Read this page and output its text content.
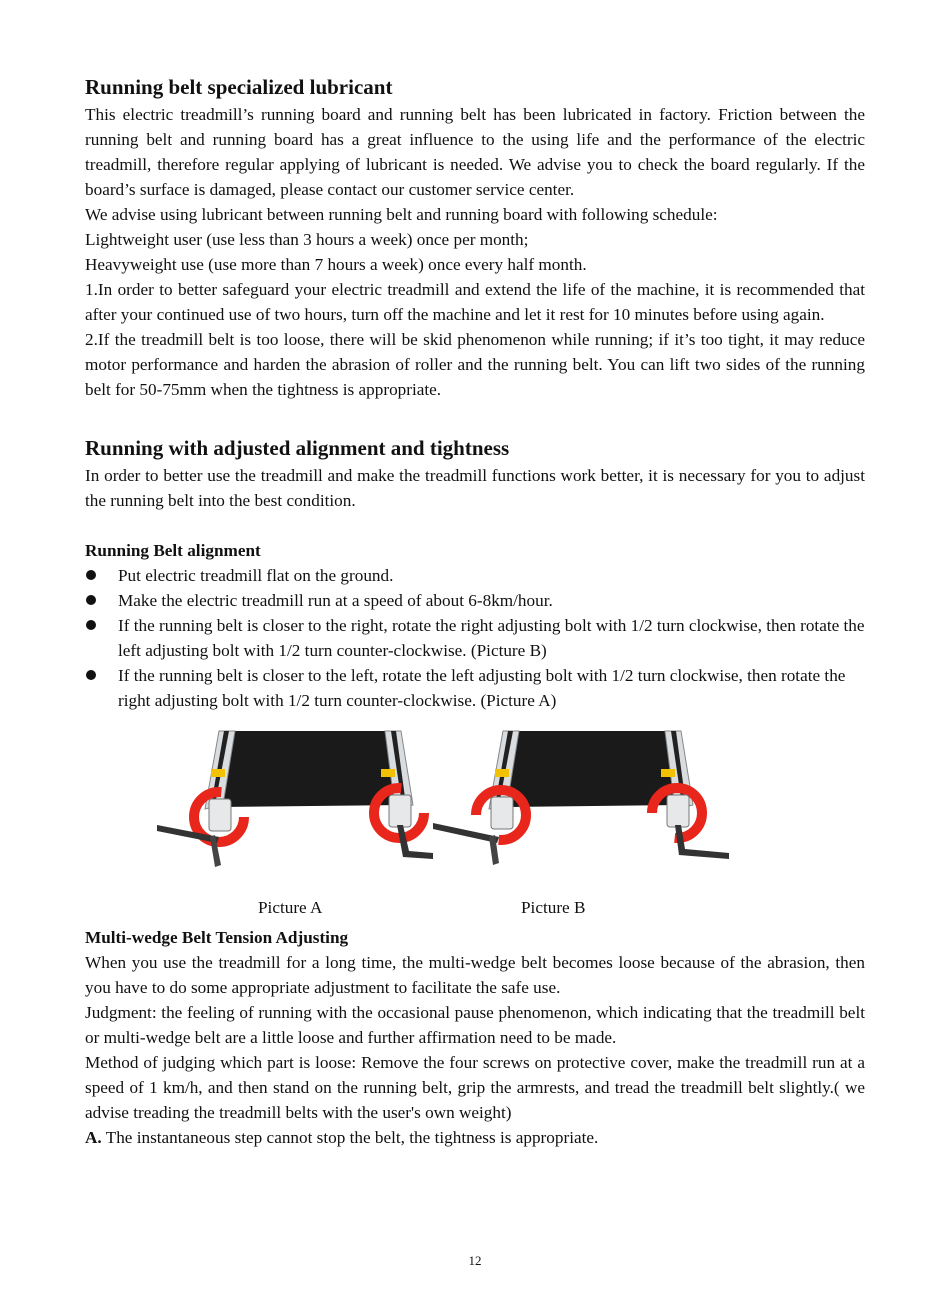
Running belt specialized lubricant

This electric treadmill’s running board and running belt has been lubricated in factory. Friction between the running belt and running board has a great influence to the using life and the performance of the electric treadmill, therefore regular applying of lubricant is needed. We advise you to check the board regularly. If the board’s surface is damaged, please contact our customer service center.

We advise using lubricant between running belt and running board with following schedule:

Lightweight user (use less than 3 hours a week) once per month;

Heavyweight use (use more than 7 hours a week) once every half month.

1.In order to better safeguard your electric treadmill and extend the life of the machine, it is recommended that after your continued use of two hours, turn off the machine and let it rest for 10 minutes before using again.

2.If the treadmill belt is too loose, there will be skid phenomenon while running; if it’s too tight, it may reduce motor performance and harden the abrasion of roller and the running belt. You can lift two sides of the running belt for 50-75mm when the tightness is appropriate.

Running with adjusted alignment and tightness

In order to better use the treadmill and make the treadmill functions work better, it is necessary for you to adjust the running belt into the best condition.

Running Belt alignment
Put electric treadmill flat on the ground.
Make the electric treadmill run at a speed of about 6-8km/hour.
If the running belt is closer to the right, rotate the right adjusting bolt with 1/2 turn clockwise, then rotate the left adjusting bolt with 1/2 turn counter-clockwise. (Picture B)
If the running belt is closer to the left, rotate the left adjusting bolt with 1/2 turn clockwise, then rotate the right adjusting bolt with 1/2 turn counter-clockwise. (Picture A)
Picture A	Picture B
Multi-wedge Belt Tension Adjusting

When you use the treadmill for a long time, the multi-wedge belt becomes loose because of the abrasion, then you have to do some appropriate adjustment to facilitate the safe use.

Judgment: the feeling of running with the occasional pause phenomenon, which indicating that the treadmill belt or multi-wedge belt are a little loose and further affirmation need to be made.

Method of judging which part is loose: Remove the four screws on protective cover, make the treadmill run at a speed of 1 km/h, and then stand on the running belt, grip the armrests, and tread the treadmill belt slightly.( we advise treading the treadmill belts with the user's own weight)

A. The instantaneous step cannot stop the belt, the tightness is appropriate.

12
